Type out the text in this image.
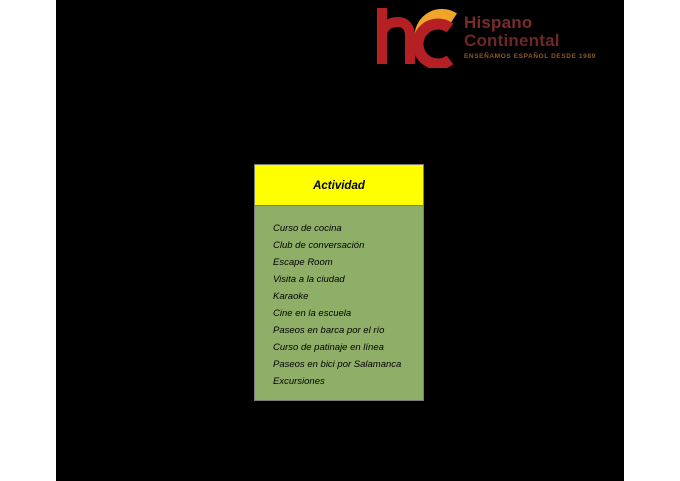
Hispano
Continental
ENSEÑAMOS ESPAÑOL DESDE 1989
Actividad

Curso de cocina
Club de conversación
Escape Room
Visita a la ciudad
Karaoke
Cine en la escuela
Paseos en barca por el río
Curso de patinaje en línea
Paseos en bici por Salamanca
Excursiones
